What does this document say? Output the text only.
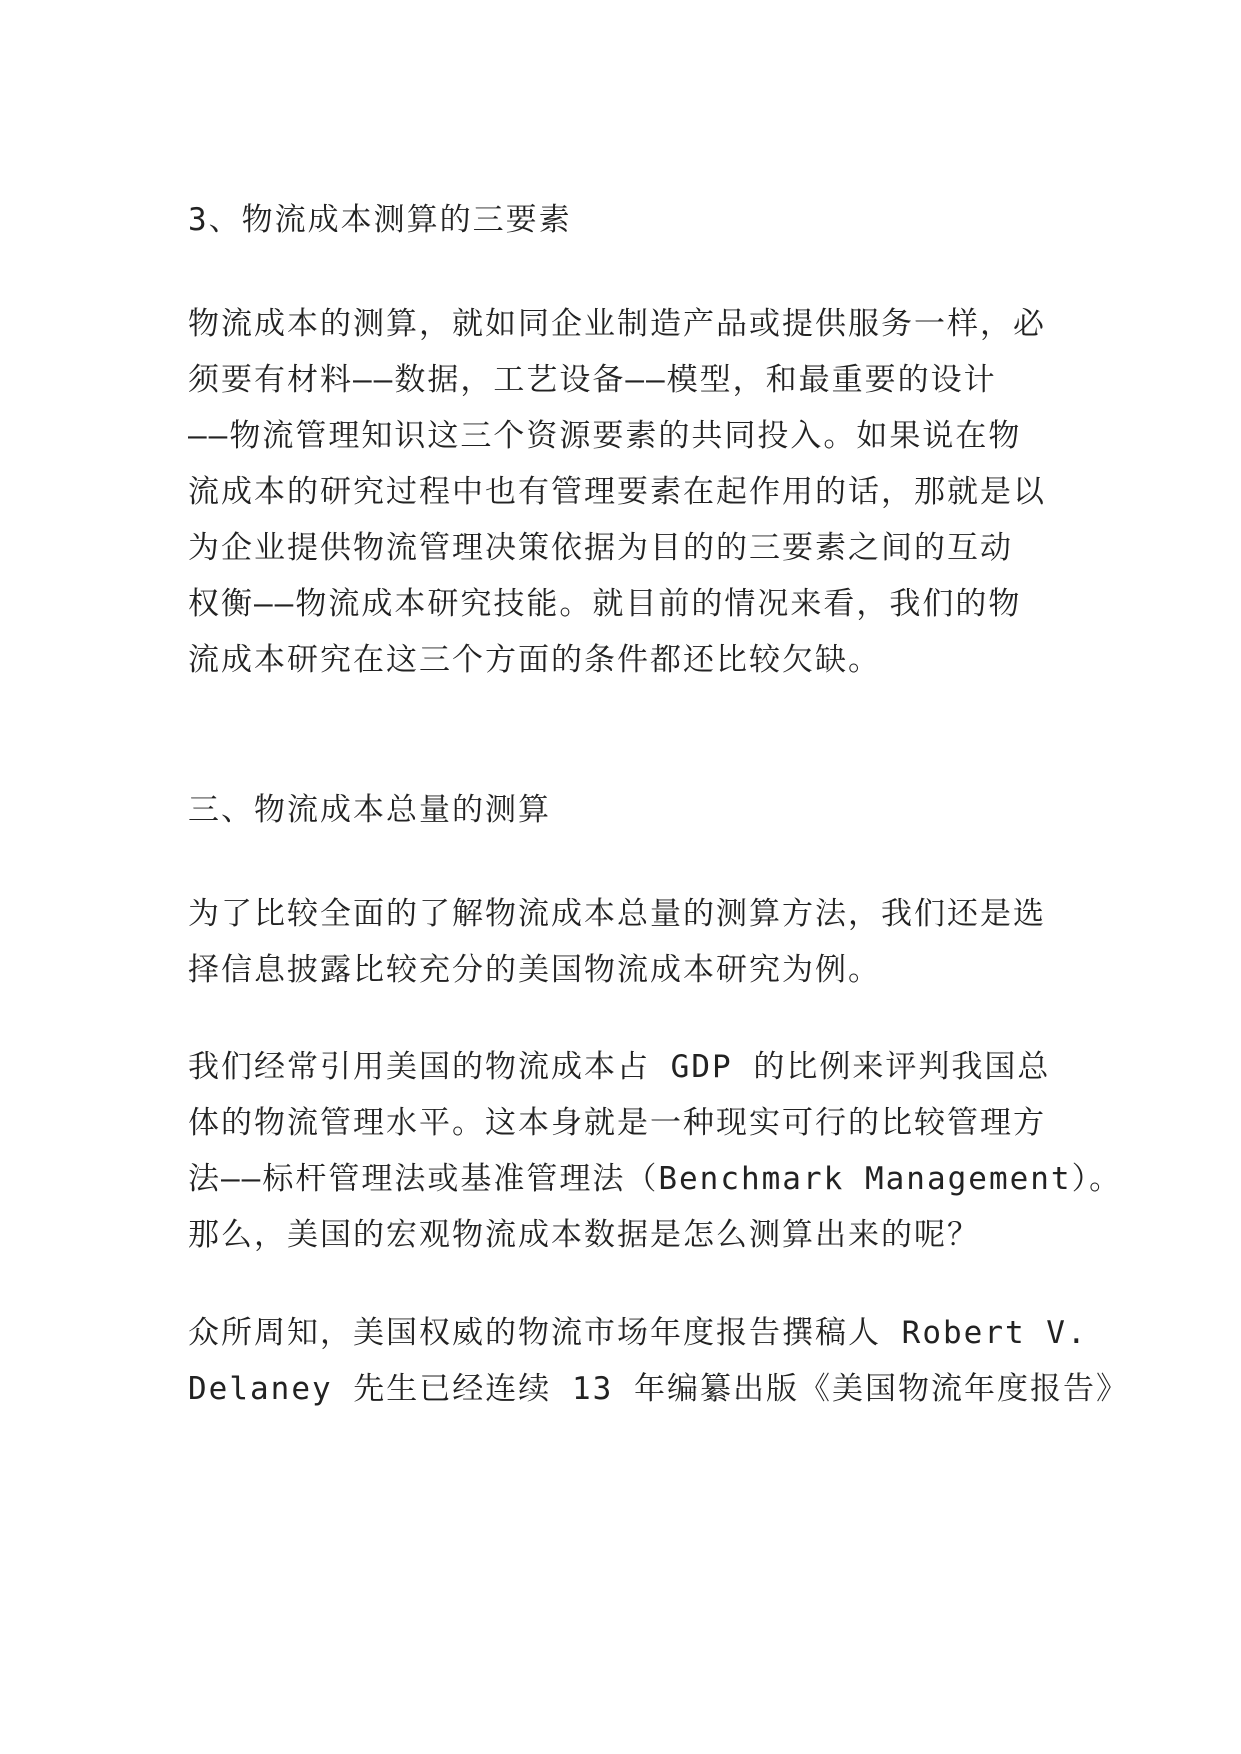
3、物流成本测算的三要素

物流成本的测算，就如同企业制造产品或提供服务一样，必
须要有材料——数据，工艺设备——模型，和最重要的设计
——物流管理知识这三个资源要素的共同投入。如果说在物
流成本的研究过程中也有管理要素在起作用的话，那就是以
为企业提供物流管理决策依据为目的的三要素之间的互动
权衡——物流成本研究技能。就目前的情况来看，我们的物
流成本研究在这三个方面的条件都还比较欠缺。

三、物流成本总量的测算

为了比较全面的了解物流成本总量的测算方法，我们还是选
择信息披露比较充分的美国物流成本研究为例。

我们经常引用美国的物流成本占 GDP 的比例来评判我国总
体的物流管理水平。这本身就是一种现实可行的比较管理方
法——标杆管理法或基准管理法（Benchmark Management）。
那么，美国的宏观物流成本数据是怎么测算出来的呢？

众所周知，美国权威的物流市场年度报告撰稿人 Robert V.
Delaney 先生已经连续 13 年编纂出版《美国物流年度报告》
